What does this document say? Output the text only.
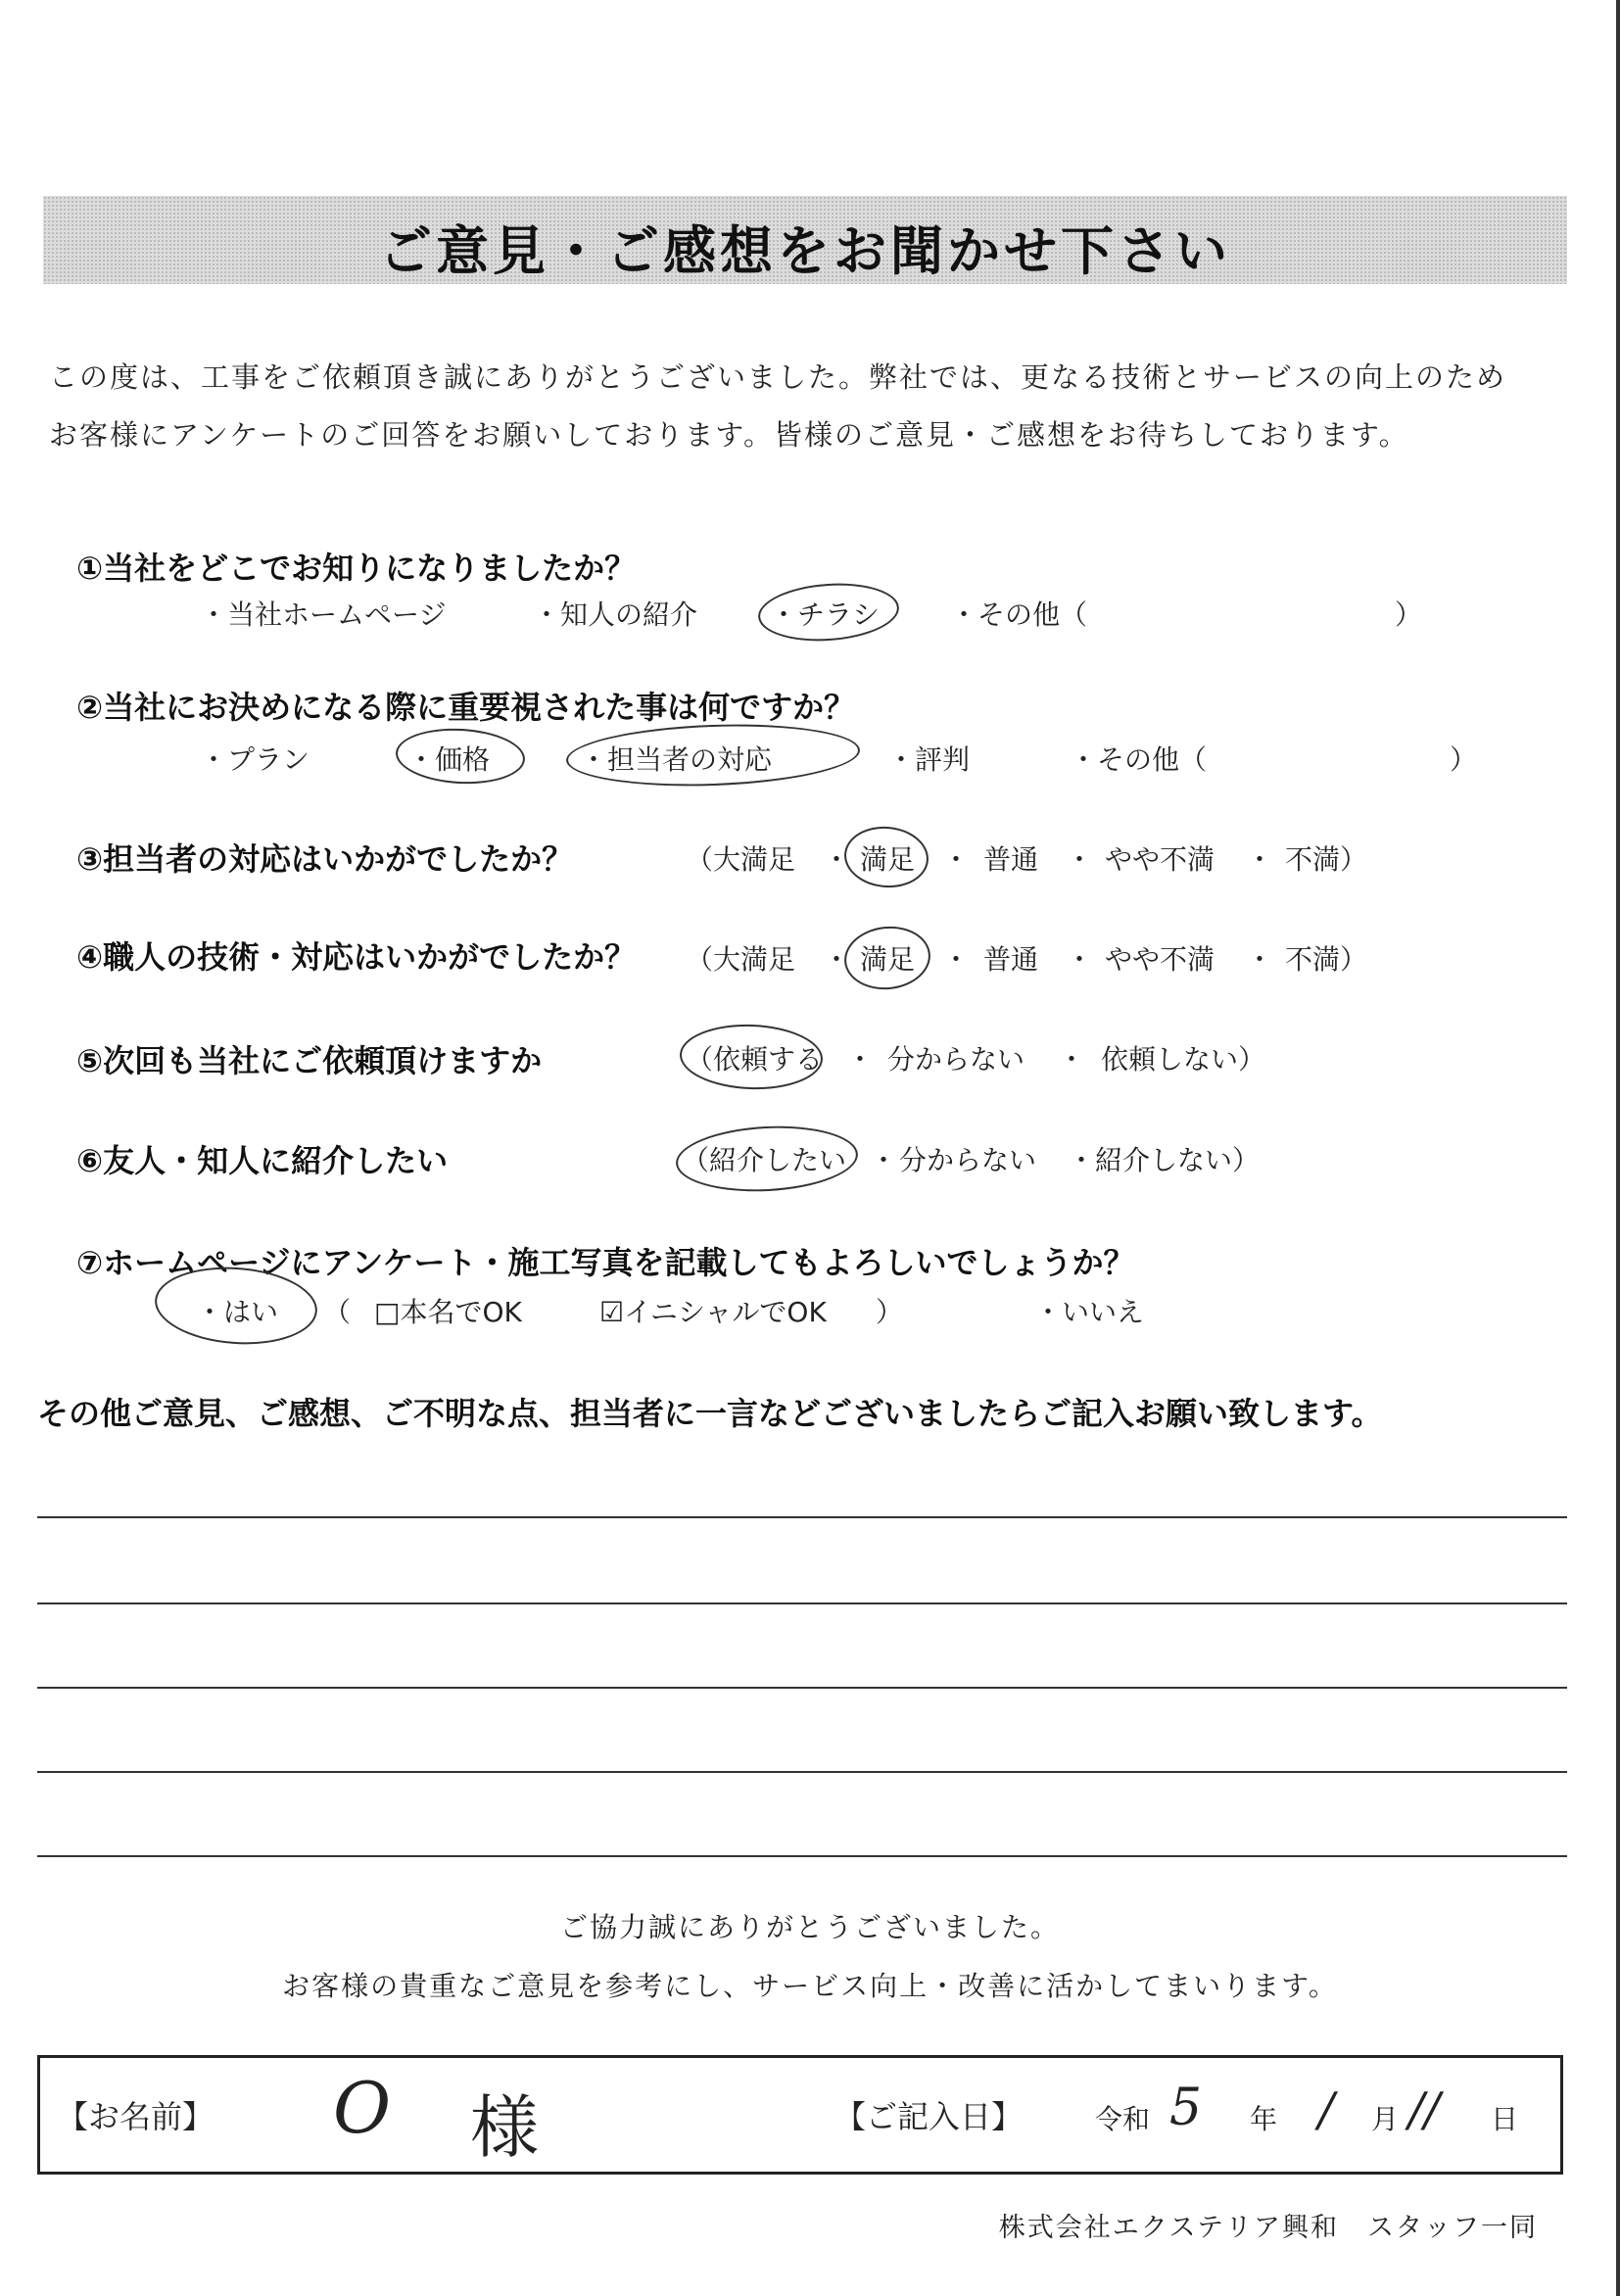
ご意見・ご感想をお聞かせ下さい
この度は、工事をご依頼頂き誠にありがとうございました。弊社では、更なる技術とサービスの向上のため
お客様にアンケートのご回答をお願いしております。皆様のご意見・ご感想をお待ちしております。
①当社をどこでお知りになりましたか？
・当社ホームページ	・知人の紹介	・チラシ	・その他（	）
②当社にお決めになる際に重要視された事は何ですか？
・プラン	・価格	・担当者の対応	・評判	・その他（	）
③担当者の対応はいかがでしたか？	（大満足 ・ 満足 ・ 普通 ・ やや不満 ・ 不満）
④職人の技術・対応はいかがでしたか？ （大満足 ・ 満足 ・ 普通 ・ やや不満 ・ 不満）
⑤次回も当社にご依頼頂けますか	（依頼する ・ 分からない ・ 依頼しない）
⑥友人・知人に紹介したい	（紹介したい ・ 分からない ・ 紹介しない）
⑦ホームページにアンケート・施工写真を記載してもよろしいでしょうか？
・はい （ □本名でOK	☑イニシャルでOK ）	・いいえ
その他ご意見、ご感想、ご不明な点、担当者に一言などございましたらご記入お願い致します。
ご協力誠にありがとうございました。
お客様の貴重なご意見を参考にし、サービス向上・改善に活かしてまいります。
【お名前】 O 様	【ご記入日】	令和 5 年 / 月 // 日
株式会社エクステリア興和　スタッフ一同
